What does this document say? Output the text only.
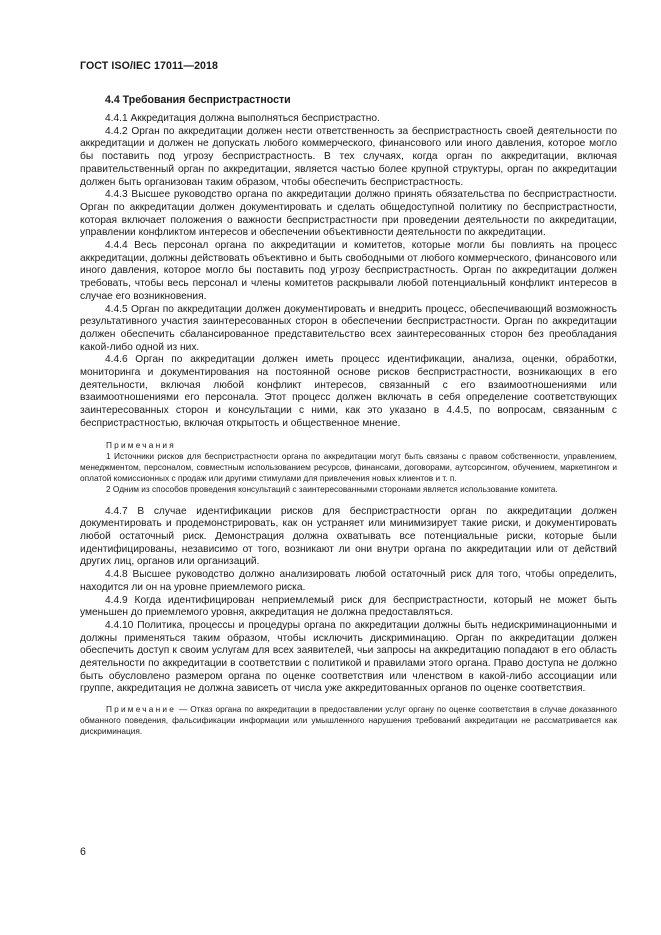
ГОСТ ISO/IEC 17011—2018
4.4 Требования беспристрастности

4.4.1 Аккредитация должна выполняться беспристрастно.

4.4.2 Орган по аккредитации должен нести ответственность за беспристрастность своей деятельности по аккредитации и должен не допускать любого коммерческого, финансового или иного давления, которое могло бы поставить под угрозу беспристрастность. В тех случаях, когда орган по аккредитации, включая правительственный орган по аккредитации, является частью более крупной структуры, орган по аккредитации должен быть организован таким образом, чтобы обеспечить беспристрастность.

4.4.3 Высшее руководство органа по аккредитации должно принять обязательства по беспристрастности. Орган по аккредитации должен документировать и сделать общедоступной политику по беспристрастности, которая включает положения о важности беспристрастности при проведении деятельности по аккредитации, управлении конфликтом интересов и обеспечении объективности деятельности по аккредитации.

4.4.4 Весь персонал органа по аккредитации и комитетов, которые могли бы повлиять на процесс аккредитации, должны действовать объективно и быть свободными от любого коммерческого, финансового или иного давления, которое могло бы поставить под угрозу беспристрастность. Орган по аккредитации должен требовать, чтобы весь персонал и члены комитетов раскрывали любой потенциальный конфликт интересов в случае его возникновения.

4.4.5 Орган по аккредитации должен документировать и внедрить процесс, обеспечивающий возможность результативного участия заинтересованных сторон в обеспечении беспристрастности. Орган по аккредитации должен обеспечить сбалансированное представительство всех заинтересованных сторон без преобладания какой-либо одной из них.

4.4.6 Орган по аккредитации должен иметь процесс идентификации, анализа, оценки, обработки, мониторинга и документирования на постоянной основе рисков беспристрастности, возникающих в его деятельности, включая любой конфликт интересов, связанный с его взаимоотношениями или взаимоотношениями его персонала. Этот процесс должен включать в себя определение соответствующих заинтересованных сторон и консультации с ними, как это указано в 4.4.5, по вопросам, связанным с беспристрастностью, включая открытость и общественное мнение.

Примечания

1 Источники рисков для беспристрастности органа по аккредитации могут быть связаны с правом собственности, управлением, менеджментом, персоналом, совместным использованием ресурсов, финансами, договорами, аутсорсингом, обучением, маркетингом и оплатой комиссионных с продаж или другими стимулами для привлечения новых клиентов и т. п.

2 Одним из способов проведения консультаций с заинтересованными сторонами является использование комитета.

4.4.7 В случае идентификации рисков для беспристрастности орган по аккредитации должен документировать и продемонстрировать, как он устраняет или минимизирует такие риски, и документировать любой остаточный риск. Демонстрация должна охватывать все потенциальные риски, которые были идентифицированы, независимо от того, возникают ли они внутри органа по аккредитации или от действий других лиц, органов или организаций.

4.4.8 Высшее руководство должно анализировать любой остаточный риск для того, чтобы определить, находится ли он на уровне приемлемого риска.

4.4.9 Когда идентифицирован неприемлемый риск для беспристрастности, который не может быть уменьшен до приемлемого уровня, аккредитация не должна предоставляться.

4.4.10 Политика, процессы и процедуры органа по аккредитации должны быть недискриминационными и должны применяться таким образом, чтобы исключить дискриминацию. Орган по аккредитации должен обеспечить доступ к своим услугам для всех заявителей, чьи запросы на аккредитацию попадают в его область деятельности по аккредитации в соответствии с политикой и правилами этого органа. Право доступа не должно быть обусловлено размером органа по оценке соответствия или членством в какой-либо ассоциации или группе, аккредитация не должна зависеть от числа уже аккредитованных органов по оценке соответствия.

Примечание — Отказ органа по аккредитации в предоставлении услуг органу по оценке соответствия в случае доказанного обманного поведения, фальсификации информации или умышленного нарушения требований аккредитации не рассматривается как дискриминация.

6
